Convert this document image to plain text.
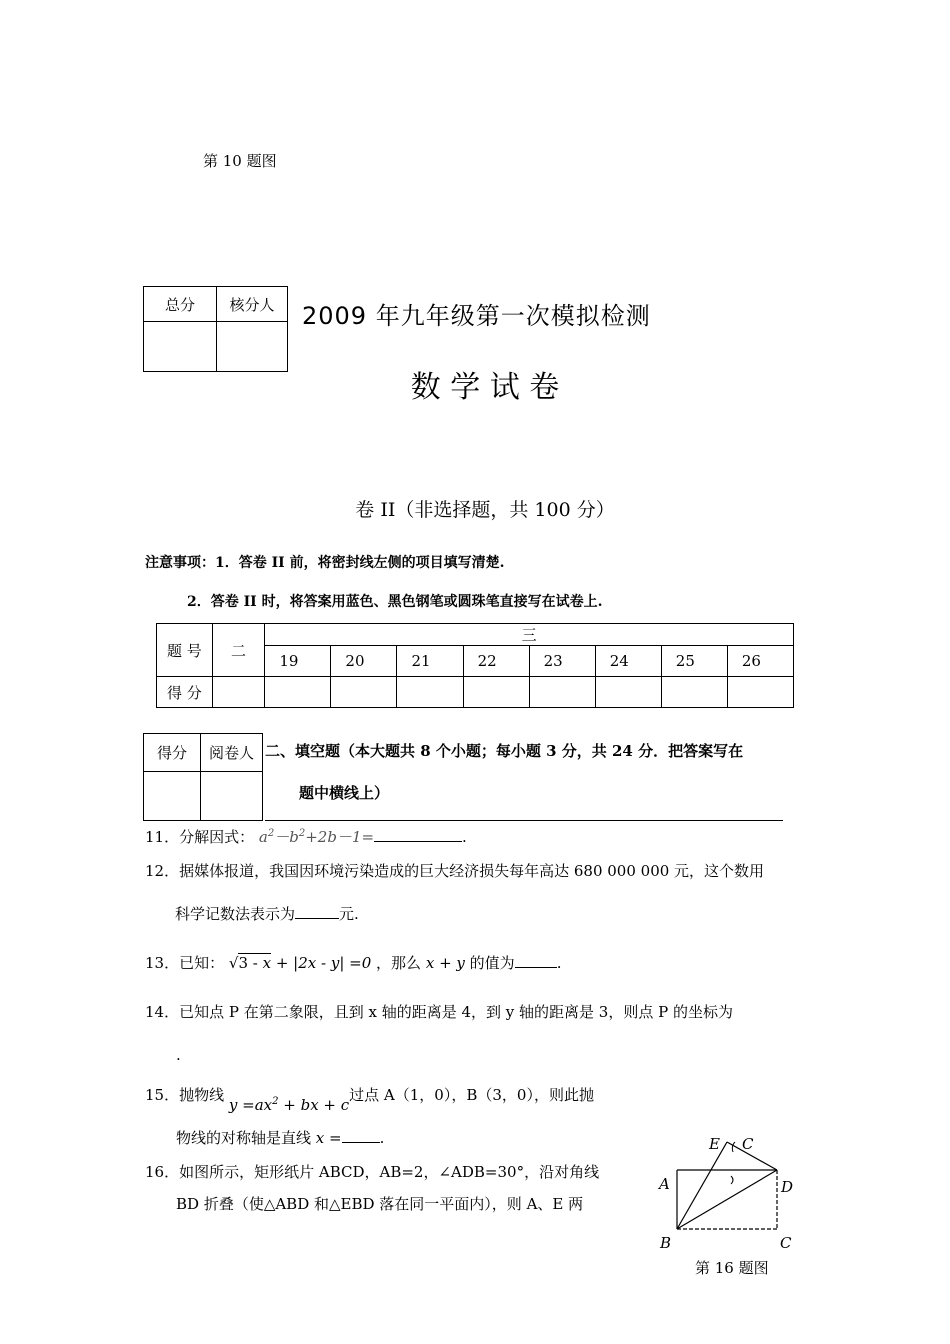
第 10 题图
总分	核分人
	2009 年九年级第一次模拟检测
数 学 试 卷
卷 II（非选择题，共 100 分）
注意事项：1．答卷 II 前，将密封线左侧的项目填写清楚.
2．答卷 II 时，将答案用蓝色、黑色钢笔或圆珠笔直接写在试卷上.
题 号	二	三							
		19	20	21	22	23	24	25	26
得 分									
得分	阅卷人
	二、填空题（本大题共 8 个小题；每小题 3 分，共 24 分．把答案写在
题中横线上）
11．分解因式： $a^2-b^2+2b-1=$	.
12．据媒体报道，我国因环境污染造成的巨大经济损失每年高达 680 000 000 元，这个数用
科学记数法表示为	元.
13．已知： √3 - x + |2x - y| =0 ，那么 x + y 的值为	.
14．已知点 P 在第二象限，且到 x 轴的距离是 4，到 y 轴的距离是 3，则点 P 的坐标为
.
15．抛物线 $y =ax^2$ + bx + c过点 A（1，0），B（3，0），则此抛
物线的对称轴是直线 x =	.
16．如图所示，矩形纸片 ABCD，AB=2，∠ADB=30°，沿对角线
BD 折叠（使△ABD 和△EBD 落在同一平面内），则 A、E 两
E C
A	D
B	C
第 16 题图
